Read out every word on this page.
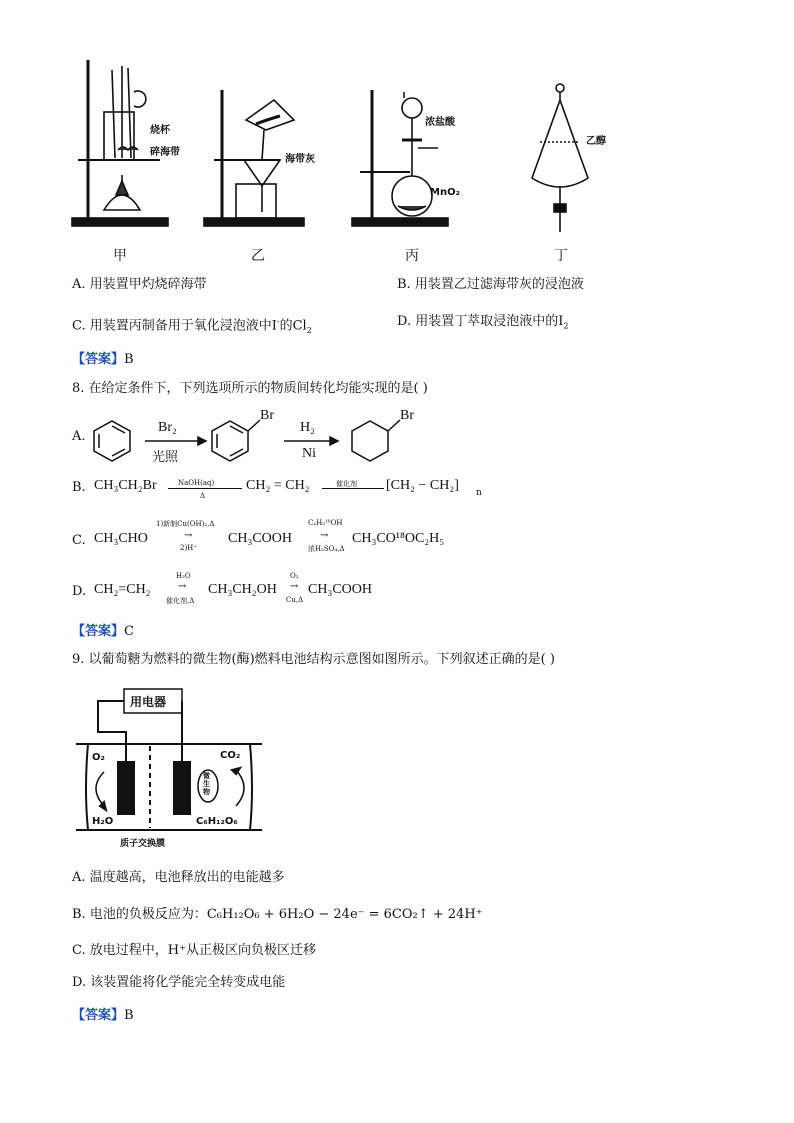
烧杯
碎海带
海带灰
浓盐酸
MnO₂
乙醇
甲	乙	丙	丁
A. 用装置甲灼烧碎海带	B. 用装置乙过滤海带灰的浸泡液
C. 用装置丙制备用于氧化浸泡液中I-的$Cl_2$
D. 用装置丁萃取浸泡液中的$I_2$
【答案】B
8. 在给定条件下，下列选项所示的物质间转化均能实现的是( )
A.
Br₂
光照
Br
H₂
Ni
Br
B. CH₃CH₂Br	NaOH(aq)
Δ
CH₂ = CH₂	催化剂 [CH₂ − CH₂] n
C. CH₃CHO
1)新制Cu(OH)₂,Δ
→
2)H⁺
CH₃COOH
C₂H₅¹⁸OH
→
浓H₂SO₄,Δ
CH₃CO¹⁸OC₂H₅
D. CH₂=CH₂
H₂O
→
催化剂,Δ
CH₃CH₂OH
O₂
→
Cu,Δ
CH₃COOH
【答案】C
9. 以葡萄糖为燃料的微生物(酶)燃料电池结构示意图如图所示。下列叙述正确的是( )
用电器
O₂
H₂O
CO₂
C₆H₁₂O₆
微生物
质子交换膜
A. 温度越高，电池释放出的电能越多
B. 电池的负极反应为：C₆H₁₂O₆ + 6H₂O − 24e⁻ = 6CO₂↑ + 24H⁺
C. 放电过程中，H⁺从正极区向负极区迁移
D. 该装置能将化学能完全转变成电能
【答案】B
